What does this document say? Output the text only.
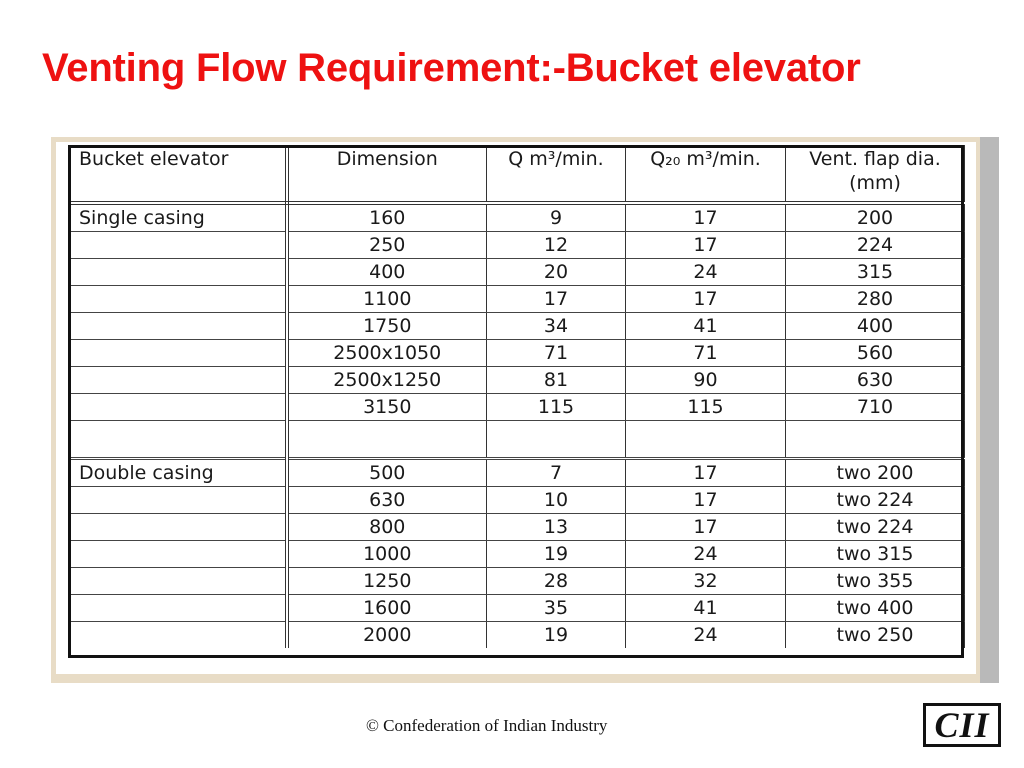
Venting Flow Requirement:-Bucket elevator
Bucket elevator	Dimension	Q m³/min.	Q₂₀ m³/min.	Vent. flap dia. (mm)
Single casing	160	9	17	200
	250	12	17	224
	400	20	24	315
	1100	17	17	280
	1750	34	41	400
	2500x1050	71	71	560
	2500x1250	81	90	630
	3150	115	115	710

Double casing	500	7	17	two 200
	630	10	17	two 224
	800	13	17	two 224
	1000	19	24	two 315
	1250	28	32	two 355
	1600	35	41	two 400
	2000	19	24	two 250
© Confederation of Indian Industry	CII
